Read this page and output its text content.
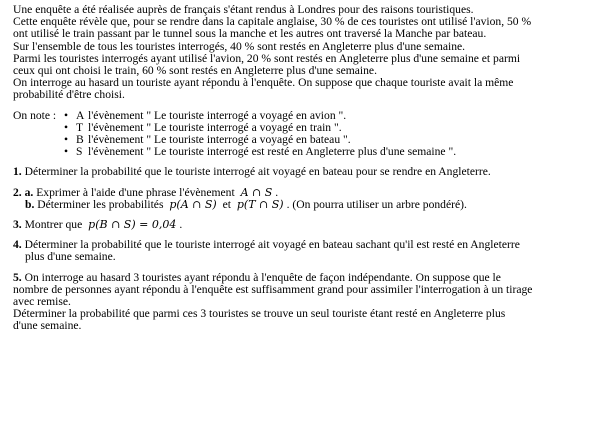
Une enquête a été réalisée auprès de français s'étant rendus à Londres pour des raisons touristiques.

Cette enquête révèle que, pour se rendre dans la capitale anglaise, 30 % de ces touristes ont utilisé l'avion, 50 %

ont utilisé le train passant par le tunnel sous la manche et les autres ont traversé la Manche par bateau.

Sur l'ensemble de tous les touristes interrogés, 40 % sont restés en Angleterre plus d'une semaine.

Parmi les touristes interrogés ayant utilisé l'avion, 20 % sont restés en Angleterre plus d'une semaine et parmi

ceux qui ont choisi le train, 60 % sont restés en Angleterre plus d'une semaine.

On interroge au hasard un touriste ayant répondu à l'enquête. On suppose que chaque touriste avait la même

probabilité d'être choisi.

On note : • A l'évènement " Le touriste interrogé a voyagé en avion ".
• T l'évènement " Le touriste interrogé a voyagé en train ".
• B l'évènement " Le touriste interrogé a voyagé en bateau ".
• S l'évènement " Le touriste interrogé est resté en Angleterre plus d'une semaine ".

1. Déterminer la probabilité que le touriste interrogé ait voyagé en bateau pour se rendre en Angleterre.

2. a. Exprimer à l'aide d'une phrase l'évènement A ∩ S .

b. Déterminer les probabilités p(A ∩ S) et p(T ∩ S) . (On pourra utiliser un arbre pondéré).

3. Montrer que p(B ∩ S) = 0,04 .

4. Déterminer la probabilité que le touriste interrogé ait voyagé en bateau sachant qu'il est resté en Angleterre

plus d'une semaine.

5. On interroge au hasard 3 touristes ayant répondu à l'enquête de façon indépendante. On suppose que le

nombre de personnes ayant répondu à l'enquête est suffisamment grand pour assimiler l'interrogation à un tirage

avec remise.

Déterminer la probabilité que parmi ces 3 touristes se trouve un seul touriste étant resté en Angleterre plus

d'une semaine.
